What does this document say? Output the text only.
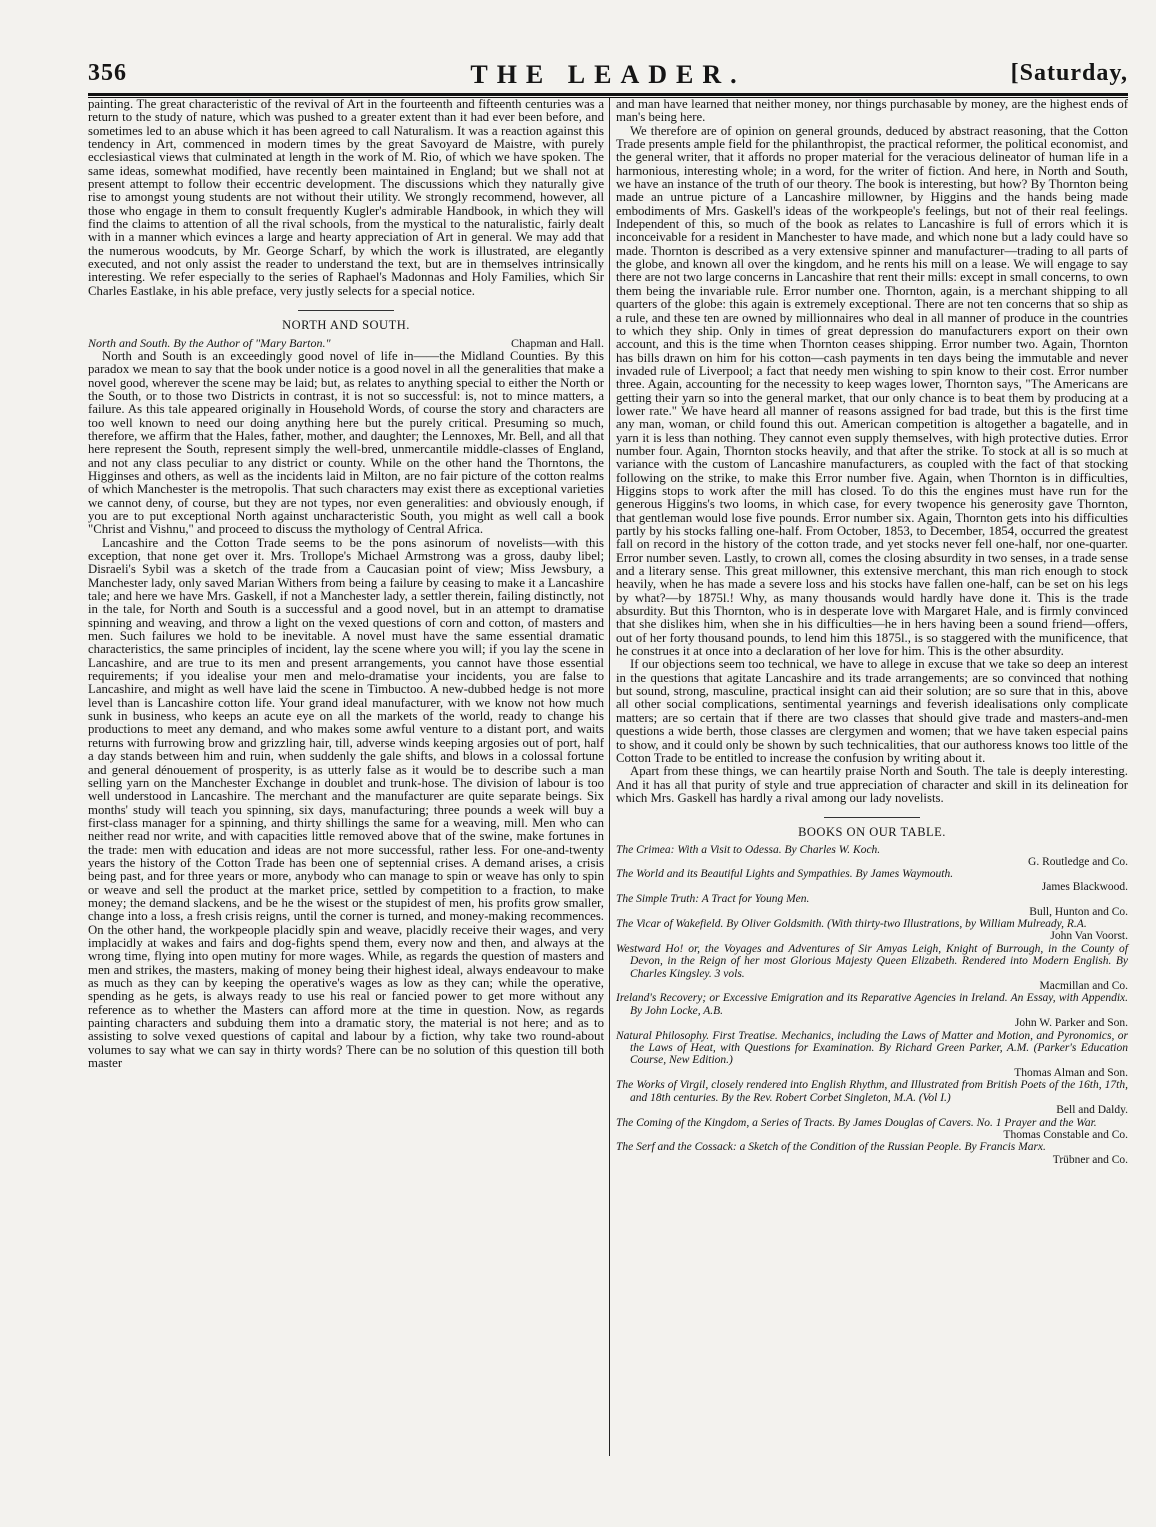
356	THE LEADER.	[Saturday,

painting. The great characteristic of the revival of Art in the fourteenth and fifteenth centuries was a return to the study of nature, which was pushed to a greater extent than it had ever been before, and sometimes led to an abuse which it has been agreed to call Naturalism. It was a reaction against this tendency in Art, commenced in modern times by the great Savoyard de Maistre, with purely ecclesiastical views that culminated at length in the work of M. Rio, of which we have spoken. The same ideas, somewhat modified, have recently been maintained in England; but we shall not at present attempt to follow their eccentric development. The discussions which they naturally give rise to amongst young students are not without their utility. We strongly recommend, however, all those who engage in them to consult frequently Kugler's admirable Handbook, in which they will find the claims to attention of all the rival schools, from the mystical to the naturalistic, fairly dealt with in a manner which evinces a large and hearty appreciation of Art in general. We may add that the numerous woodcuts, by Mr. George Scharf, by which the work is illustrated, are elegantly executed, and not only assist the reader to understand the text, but are in themselves intrinsically interesting. We refer especially to the series of Raphael's Madonnas and Holy Families, which Sir Charles Eastlake, in his able preface, very justly selects for a special notice.

NORTH AND SOUTH.
North and South. By the Author of "Mary Barton."	Chapman and Hall.

North and South is an exceedingly good novel of life in——the Midland Counties. By this paradox we mean to say that the book under notice is a good novel in all the generalities that make a novel good, wherever the scene may be laid; but, as relates to anything special to either the North or the South, or to those two Districts in contrast, it is not so successful: is, not to mince matters, a failure. As this tale appeared originally in Household Words, of course the story and characters are too well known to need our doing anything here but the purely critical. Presuming so much, therefore, we affirm that the Hales, father, mother, and daughter; the Lennoxes, Mr. Bell, and all that here represent the South, represent simply the well-bred, unmercantile middle-classes of England, and not any class peculiar to any district or county. While on the other hand the Thorntons, the Higginses and others, as well as the incidents laid in Milton, are no fair picture of the cotton realms of which Manchester is the metropolis. That such characters may exist there as exceptional varieties we cannot deny, of course, but they are not types, nor even generalities: and obviously enough, if you are to put exceptional North against uncharacteristic South, you might as well call a book "Christ and Vishnu," and proceed to discuss the mythology of Central Africa.

Lancashire and the Cotton Trade seems to be the pons asinorum of novelists—with this exception, that none get over it. Mrs. Trollope's Michael Armstrong was a gross, dauby libel; Disraeli's Sybil was a sketch of the trade from a Caucasian point of view; Miss Jewsbury, a Manchester lady, only saved Marian Withers from being a failure by ceasing to make it a Lancashire tale; and here we have Mrs. Gaskell, if not a Manchester lady, a settler therein, failing distinctly, not in the tale, for North and South is a successful and a good novel, but in an attempt to dramatise spinning and weaving, and throw a light on the vexed questions of corn and cotton, of masters and men. Such failures we hold to be inevitable. A novel must have the same essential dramatic characteristics, the same principles of incident, lay the scene where you will; if you lay the scene in Lancashire, and are true to its men and present arrangements, you cannot have those essential requirements; if you idealise your men and melo-dramatise your incidents, you are false to Lancashire, and might as well have laid the scene in Timbuctoo. A new-dubbed hedge is not more level than is Lancashire cotton life. Your grand ideal manufacturer, with we know not how much sunk in business, who keeps an acute eye on all the markets of the world, ready to change his productions to meet any demand, and who makes some awful venture to a distant port, and waits returns with furrowing brow and grizzling hair, till, adverse winds keeping argosies out of port, half a day stands between him and ruin, when suddenly the gale shifts, and blows in a colossal fortune and general dénouement of prosperity, is as utterly false as it would be to describe such a man selling yarn on the Manchester Exchange in doublet and trunk-hose. The division of labour is too well understood in Lancashire. The merchant and the manufacturer are quite separate beings. Six months' study will teach you spinning, six days, manufacturing; three pounds a week will buy a first-class manager for a spinning, and thirty shillings the same for a weaving, mill. Men who can neither read nor write, and with capacities little removed above that of the swine, make fortunes in the trade: men with education and ideas are not more successful, rather less. For one-and-twenty years the history of the Cotton Trade has been one of septennial crises. A demand arises, a crisis being past, and for three years or more, anybody who can manage to spin or weave has only to spin or weave and sell the product at the market price, settled by competition to a fraction, to make money; the demand slackens, and be he the wisest or the stupidest of men, his profits grow smaller, change into a loss, a fresh crisis reigns, until the corner is turned, and money-making recommences. On the other hand, the workpeople placidly spin and weave, placidly receive their wages, and very implacidly at wakes and fairs and dog-fights spend them, every now and then, and always at the wrong time, flying into open mutiny for more wages. While, as regards the question of masters and men and strikes, the masters, making of money being their highest ideal, always endeavour to make as much as they can by keeping the operative's wages as low as they can; while the operative, spending as he gets, is always ready to use his real or fancied power to get more without any reference as to whether the Masters can afford more at the time in question. Now, as regards painting characters and subduing them into a dramatic story, the material is not here; and as to assisting to solve vexed questions of capital and labour by a fiction, why take two round-about volumes to say what we can say in thirty words? There can be no solution of this question till both master

and man have learned that neither money, nor things purchasable by money, are the highest ends of man's being here.

We therefore are of opinion on general grounds, deduced by abstract reasoning, that the Cotton Trade presents ample field for the philanthropist, the practical reformer, the political economist, and the general writer, that it affords no proper material for the veracious delineator of human life in a harmonious, interesting whole; in a word, for the writer of fiction. And here, in North and South, we have an instance of the truth of our theory. The book is interesting, but how? By Thornton being made an untrue picture of a Lancashire millowner, by Higgins and the hands being made embodiments of Mrs. Gaskell's ideas of the workpeople's feelings, but not of their real feelings. Independent of this, so much of the book as relates to Lancashire is full of errors which it is inconceivable for a resident in Manchester to have made, and which none but a lady could have so made. Thornton is described as a very extensive spinner and manufacturer—trading to all parts of the globe, and known all over the kingdom, and he rents his mill on a lease. We will engage to say there are not two large concerns in Lancashire that rent their mills: except in small concerns, to own them being the invariable rule. Error number one. Thornton, again, is a merchant shipping to all quarters of the globe: this again is extremely exceptional. There are not ten concerns that so ship as a rule, and these ten are owned by millionnaires who deal in all manner of produce in the countries to which they ship. Only in times of great depression do manufacturers export on their own account, and this is the time when Thornton ceases shipping. Error number two. Again, Thornton has bills drawn on him for his cotton—cash payments in ten days being the immutable and never invaded rule of Liverpool; a fact that needy men wishing to spin know to their cost. Error number three. Again, accounting for the necessity to keep wages lower, Thornton says, "The Americans are getting their yarn so into the general market, that our only chance is to beat them by producing at a lower rate." We have heard all manner of reasons assigned for bad trade, but this is the first time any man, woman, or child found this out. American competition is altogether a bagatelle, and in yarn it is less than nothing. They cannot even supply themselves, with high protective duties. Error number four. Again, Thornton stocks heavily, and that after the strike. To stock at all is so much at variance with the custom of Lancashire manufacturers, as coupled with the fact of that stocking following on the strike, to make this Error number five. Again, when Thornton is in difficulties, Higgins stops to work after the mill has closed. To do this the engines must have run for the generous Higgins's two looms, in which case, for every twopence his generosity gave Thornton, that gentleman would lose five pounds. Error number six. Again, Thornton gets into his difficulties partly by his stocks falling one-half. From October, 1853, to December, 1854, occurred the greatest fall on record in the history of the cotton trade, and yet stocks never fell one-half, nor one-quarter. Error number seven. Lastly, to crown all, comes the closing absurdity in two senses, in a trade sense and a literary sense. This great millowner, this extensive merchant, this man rich enough to stock heavily, when he has made a severe loss and his stocks have fallen one-half, can be set on his legs by what?—by 1875l.! Why, as many thousands would hardly have done it. This is the trade absurdity. But this Thornton, who is in desperate love with Margaret Hale, and is firmly convinced that she dislikes him, when she in his difficulties—he in hers having been a sound friend—offers, out of her forty thousand pounds, to lend him this 1875l., is so staggered with the munificence, that he construes it at once into a declaration of her love for him. This is the other absurdity.

If our objections seem too technical, we have to allege in excuse that we take so deep an interest in the questions that agitate Lancashire and its trade arrangements; are so convinced that nothing but sound, strong, masculine, practical insight can aid their solution; are so sure that in this, above all other social complications, sentimental yearnings and feverish idealisations only complicate matters; are so certain that if there are two classes that should give trade and masters-and-men questions a wide berth, those classes are clergymen and women; that we have taken especial pains to show, and it could only be shown by such technicalities, that our authoress knows too little of the Cotton Trade to be entitled to increase the confusion by writing about it.

Apart from these things, we can heartily praise North and South. The tale is deeply interesting. And it has all that purity of style and true appreciation of character and skill in its delineation for which Mrs. Gaskell has hardly a rival among our lady novelists.

BOOKS ON OUR TABLE.
The Crimea: With a Visit to Odessa. By Charles W. Koch.
G. Routledge and Co.
The World and its Beautiful Lights and Sympathies. By James Waymouth.
James Blackwood.
The Simple Truth: A Tract for Young Men.
Bull, Hunton and Co.
The Vicar of Wakefield. By Oliver Goldsmith. (With thirty-two Illustrations, by William Mulready, R.A.
John Van Voorst.
Westward Ho! or, the Voyages and Adventures of Sir Amyas Leigh, Knight of Burrough, in the County of Devon, in the Reign of her most Glorious Majesty Queen Elizabeth. Rendered into Modern English. By Charles Kingsley. 3 vols.
Macmillan and Co.
Ireland's Recovery; or Excessive Emigration and its Reparative Agencies in Ireland. An Essay, with Appendix. By John Locke, A.B.
John W. Parker and Son.
Natural Philosophy. First Treatise. Mechanics, including the Laws of Matter and Motion, and Pyronomics, or the Laws of Heat, with Questions for Examination. By Richard Green Parker, A.M. (Parker's Education Course, New Edition.)
Thomas Alman and Son.
The Works of Virgil, closely rendered into English Rhythm, and Illustrated from British Poets of the 16th, 17th, and 18th centuries. By the Rev. Robert Corbet Singleton, M.A. (Vol I.)
Bell and Daldy.
The Coming of the Kingdom, a Series of Tracts. By James Douglas of Cavers. No. 1 Prayer and the War.
Thomas Constable and Co.
The Serf and the Cossack: a Sketch of the Condition of the Russian People. By Francis Marx.
Trübner and Co.
